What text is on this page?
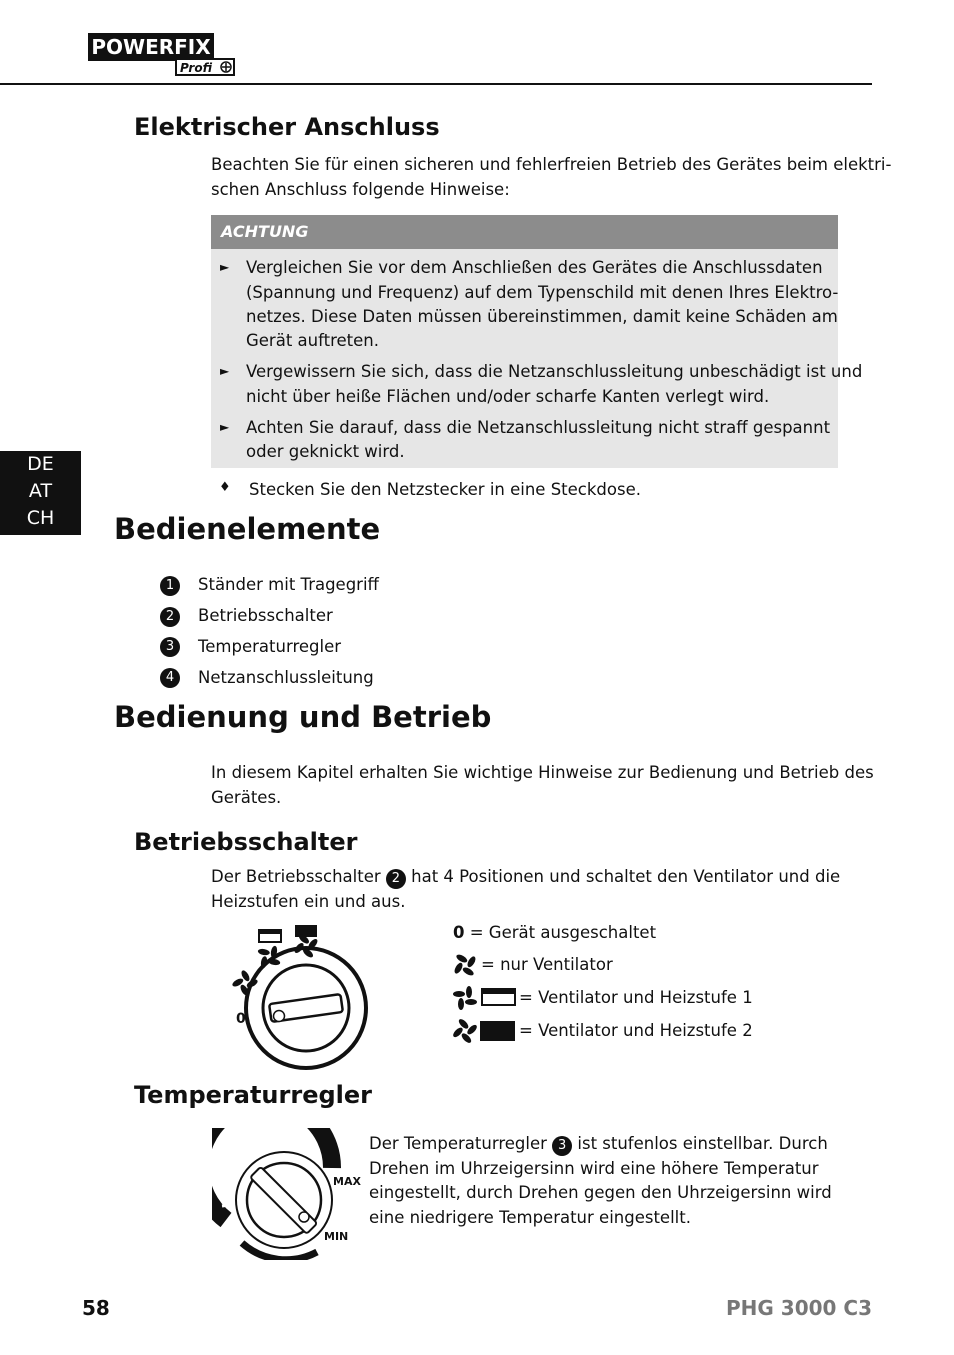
POWERFIX
Profi
DE
AT
CH
Elektrischer Anschluss
Beachten Sie für einen sicheren und fehlerfreien Betrieb des Gerätes beim elektri-
schen Anschluss folgende Hinweise:
ACHTUNG
► Vergleichen Sie vor dem Anschließen des Gerätes die Anschlussdaten
(Spannung und Frequenz) auf dem Typenschild mit denen Ihres Elektro-
netzes. Diese Daten müssen übereinstimmen, damit keine Schäden am
Gerät auftreten.
► Vergewissern Sie sich, dass die Netzanschlussleitung unbeschädigt ist und
nicht über heiße Flächen und/oder scharfe Kanten verlegt wird.
► Achten Sie darauf, dass die Netzanschlussleitung nicht straff gespannt
oder geknickt wird.
♦ Stecken Sie den Netzstecker in eine Steckdose.
Bedienelemente
1	Ständer mit Tragegriff
2	Betriebsschalter
3	Temperaturregler
4	Netzanschlussleitung
Bedienung und Betrieb
In diesem Kapitel erhalten Sie wichtige Hinweise zur Bedienung und Betrieb des
Gerätes.
Betriebsschalter
Der Betriebsschalter 2 hat 4 Positionen und schaltet den Ventilator und die
Heizstufen ein und aus.
0
0 = Gerät ausgeschaltet
= nur Ventilator
= Ventilator und Heizstufe 1
= Ventilator und Heizstufe 2
Temperaturregler
MAX
MIN
Der Temperaturregler 3 ist stufenlos einstellbar. Durch
Drehen im Uhrzeigersinn wird eine höhere Temperatur
eingestellt, durch Drehen gegen den Uhrzeigersinn wird
eine niedrigere Temperatur eingestellt.
58	PHG 3000 C3
